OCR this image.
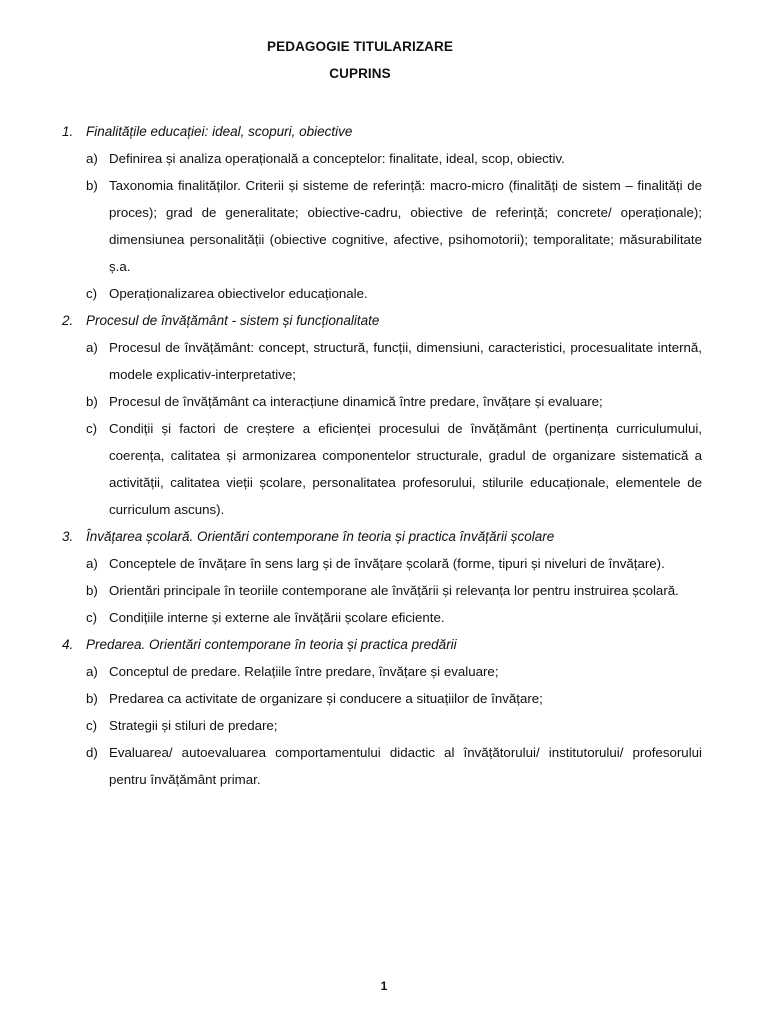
PEDAGOGIE TITULARIZARE
CUPRINS
1. Finalitățile educației: ideal, scopuri, obiective
a) Definirea și analiza operațională a conceptelor: finalitate, ideal, scop, obiectiv.
b) Taxonomia finalităților. Criterii și sisteme de referință: macro-micro (finalități de sistem – finalități de proces); grad de generalitate; obiective-cadru, obiective de referință; concrete/ operaționale); dimensiunea personalității (obiective cognitive, afective, psihomotorii); temporalitate; măsurabilitate ș.a.
c) Operaționalizarea obiectivelor educaționale.
2. Procesul de învățământ - sistem și funcționalitate
a) Procesul de învățământ: concept, structură, funcții, dimensiuni, caracteristici, procesualitate internă, modele explicativ-interpretative;
b) Procesul de învățământ ca interacțiune dinamică între predare, învățare și evaluare;
c) Condiții și factori de creștere a eficienței procesului de învățământ (pertinența curriculumului, coerența, calitatea și armonizarea componentelor structurale, gradul de organizare sistematică a activității, calitatea vieții școlare, personalitatea profesorului, stilurile educaționale, elementele de curriculum ascuns).
3. Învățarea școlară. Orientări contemporane în teoria și practica învățării școlare
a) Conceptele de învățare în sens larg și de învățare școlară (forme, tipuri și niveluri de învățare).
b) Orientări principale în teoriile contemporane ale învățării și relevanța lor pentru instruirea școlară.
c) Condițiile interne și externe ale învățării școlare eficiente.
4. Predarea. Orientări contemporane în teoria și practica predării
a) Conceptul de predare. Relațiile între predare, învățare și evaluare;
b) Predarea ca activitate de organizare și conducere a situațiilor de învățare;
c) Strategii și stiluri de predare;
d) Evaluarea/ autoevaluarea comportamentului didactic al învățătorului/ institutorului/ profesorului pentru învățământ primar.
1
